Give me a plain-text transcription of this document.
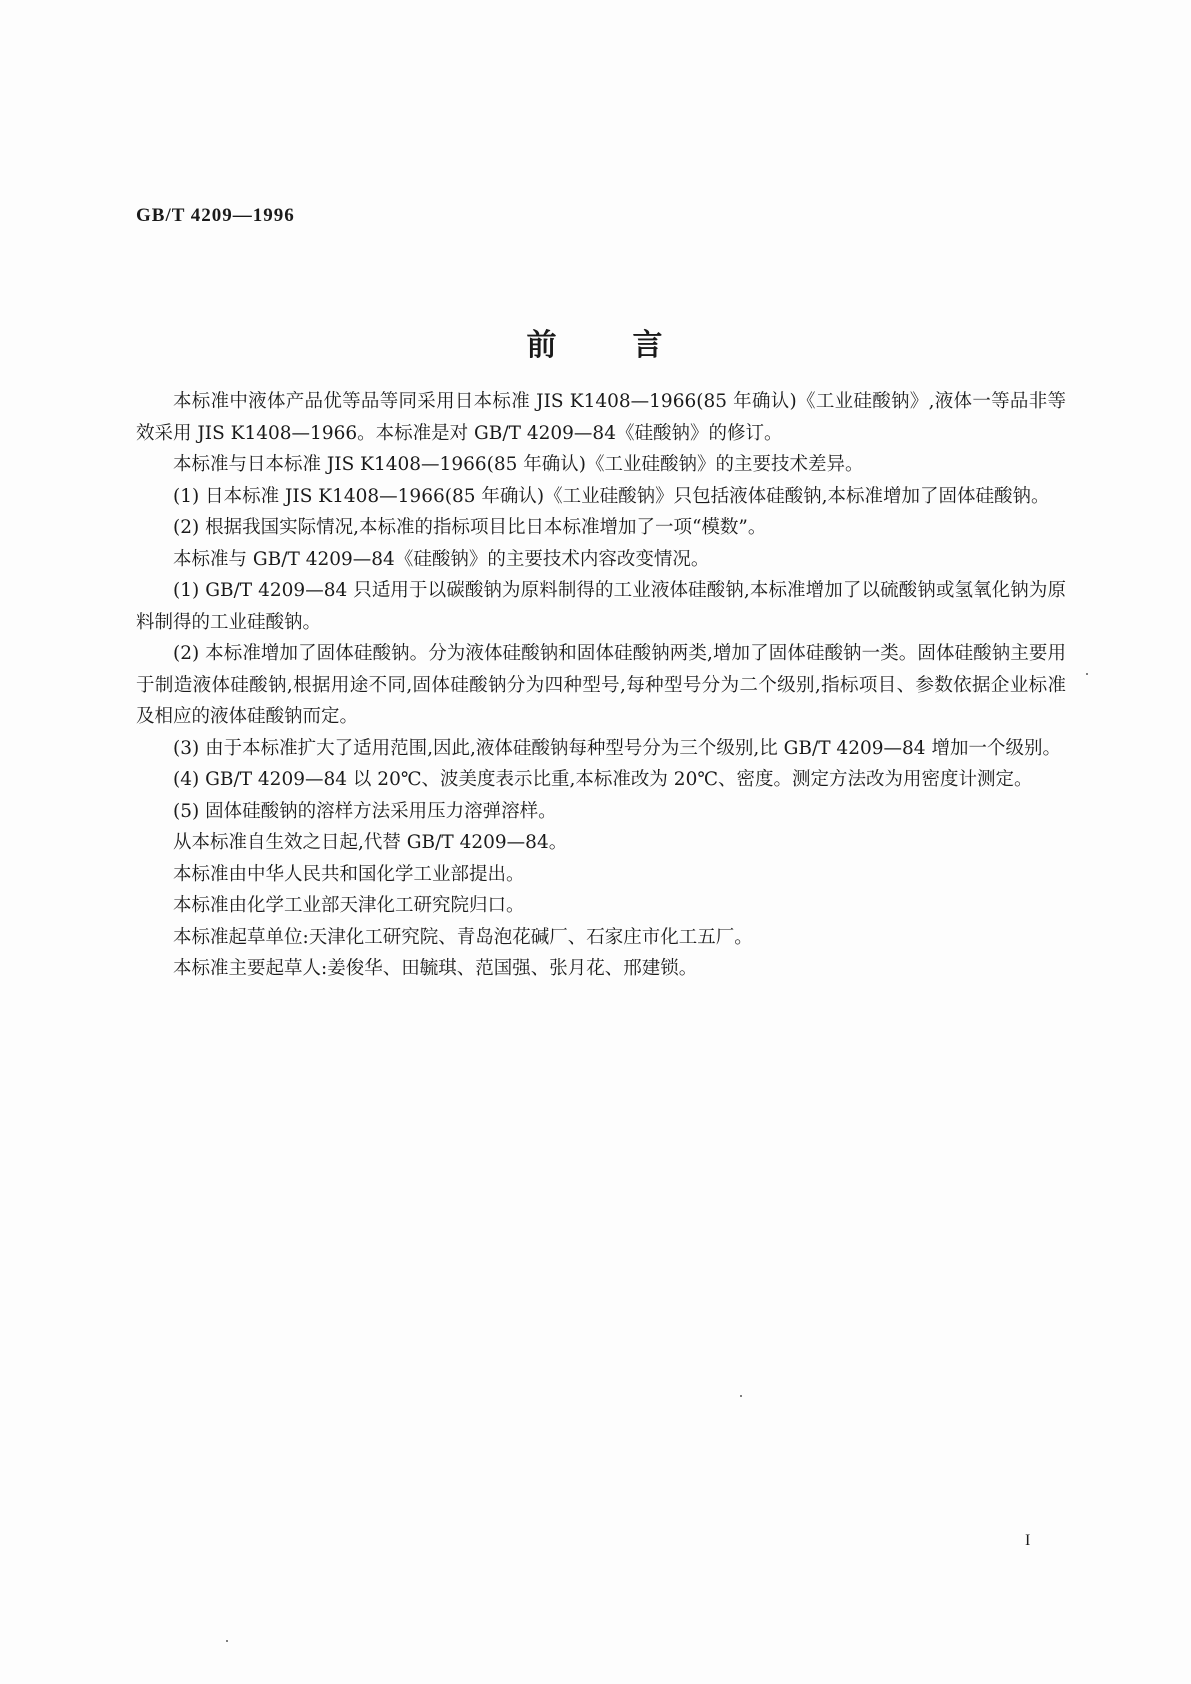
GB/T 4209—1996
前 言

本标准中液体产品优等品等同采用日本标准 JIS K1408—1966(85 年确认)《工业硅酸钠》,液体一等品非等效采用 JIS K1408—1966。本标准是对 GB/T 4209—84《硅酸钠》的修订。

本标准与日本标准 JIS K1408—1966(85 年确认)《工业硅酸钠》的主要技术差异。

(1) 日本标准 JIS K1408—1966(85 年确认)《工业硅酸钠》只包括液体硅酸钠,本标准增加了固体硅酸钠。

(2) 根据我国实际情况,本标准的指标项目比日本标准增加了一项“模数”。

本标准与 GB/T 4209—84《硅酸钠》的主要技术内容改变情况。

(1) GB/T 4209—84 只适用于以碳酸钠为原料制得的工业液体硅酸钠,本标准增加了以硫酸钠或氢氧化钠为原料制得的工业硅酸钠。

(2) 本标准增加了固体硅酸钠。分为液体硅酸钠和固体硅酸钠两类,增加了固体硅酸钠一类。固体硅酸钠主要用于制造液体硅酸钠,根据用途不同,固体硅酸钠分为四种型号,每种型号分为二个级别,指标项目、参数依据企业标准及相应的液体硅酸钠而定。

(3) 由于本标准扩大了适用范围,因此,液体硅酸钠每种型号分为三个级别,比 GB/T 4209—84 增加一个级别。

(4) GB/T 4209—84 以 20℃、波美度表示比重,本标准改为 20℃、密度。测定方法改为用密度计测定。

(5) 固体硅酸钠的溶样方法采用压力溶弹溶样。

从本标准自生效之日起,代替 GB/T 4209—84。

本标准由中华人民共和国化学工业部提出。

本标准由化学工业部天津化工研究院归口。

本标准起草单位:天津化工研究院、青岛泡花碱厂、石家庄市化工五厂。

本标准主要起草人:姜俊华、田毓琪、范国强、张月花、邢建锁。

I
